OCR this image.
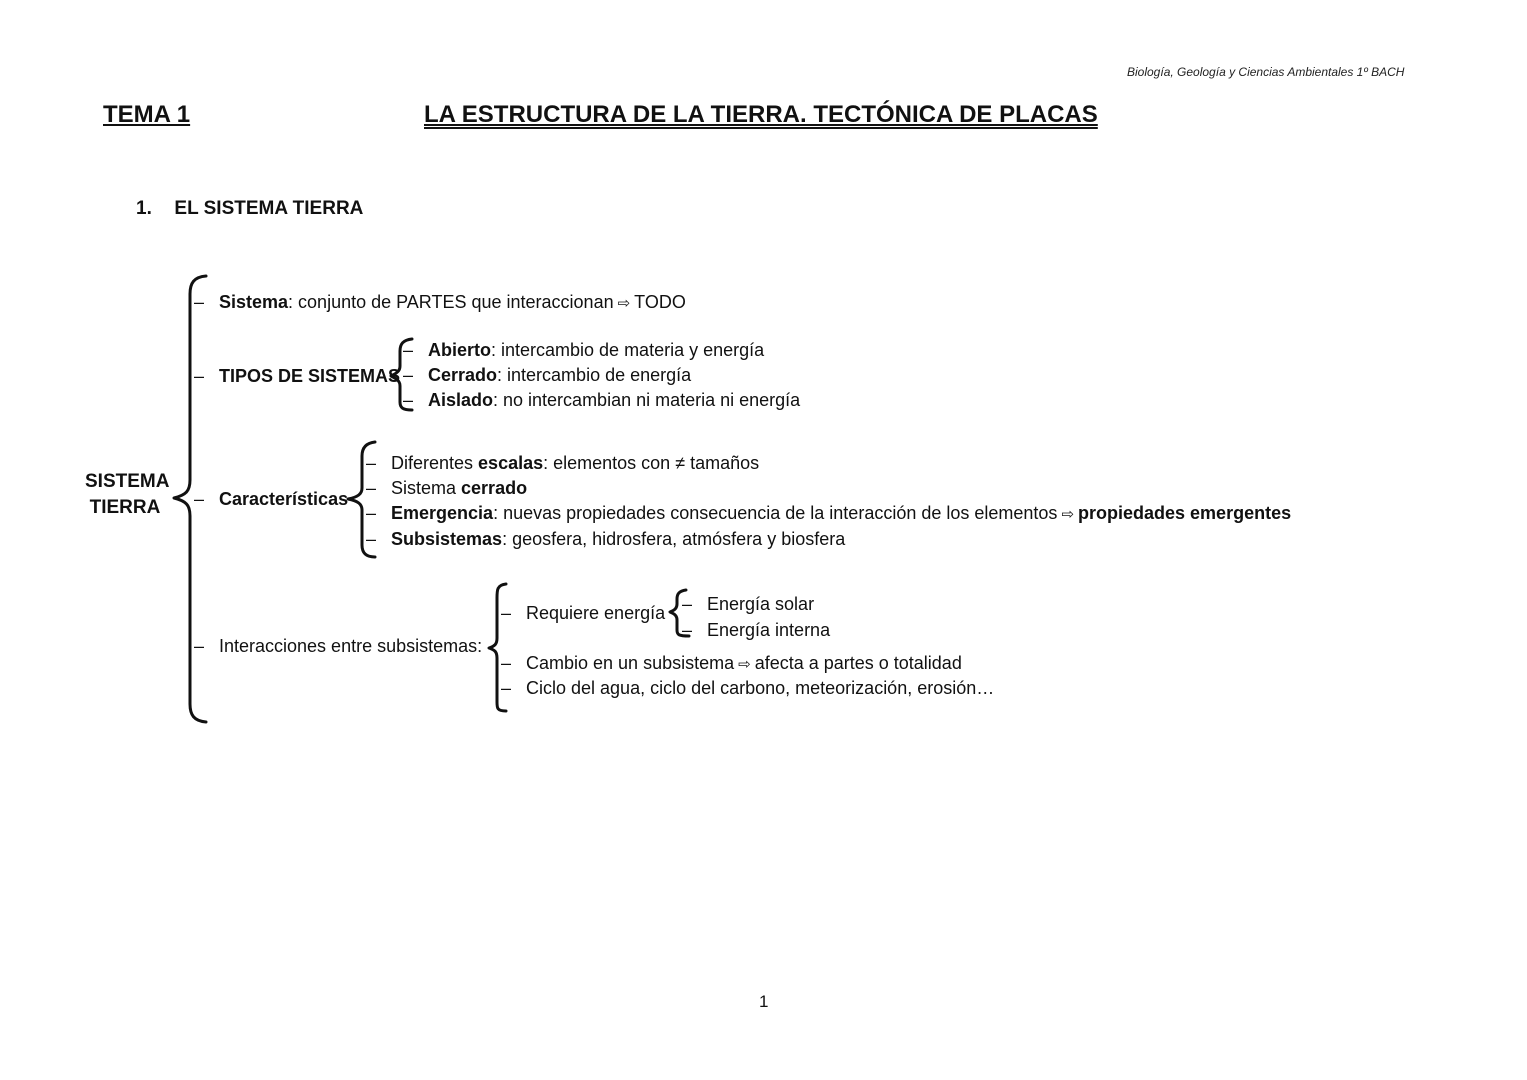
Biología, Geología y Ciencias Ambientales 1º BACH
TEMA 1	LA ESTRUCTURA DE LA TIERRA. TECTÓNICA DE PLACAS
1. EL SISTEMA TIERRA
SISTEMA
TIERRA
– Sistema: conjunto de PARTES que interaccionan ⇨ TODO
– TIPOS DE SISTEMAS
– Abierto: intercambio de materia y energía
– Cerrado: intercambio de energía
– Aislado: no intercambian ni materia ni energía
– Características
– Diferentes escalas: elementos con ≠ tamaños
– Sistema cerrado
– Emergencia: nuevas propiedades consecuencia de la interacción de los elementos ⇨ propiedades emergentes
– Subsistemas: geosfera, hidrosfera, atmósfera y biosfera
– Interacciones entre subsistemas:
– Requiere energía – Energía solar
– Energía interna
– Cambio en un subsistema ⇨ afecta a partes o totalidad
– Ciclo del agua, ciclo del carbono, meteorización, erosión…
1
